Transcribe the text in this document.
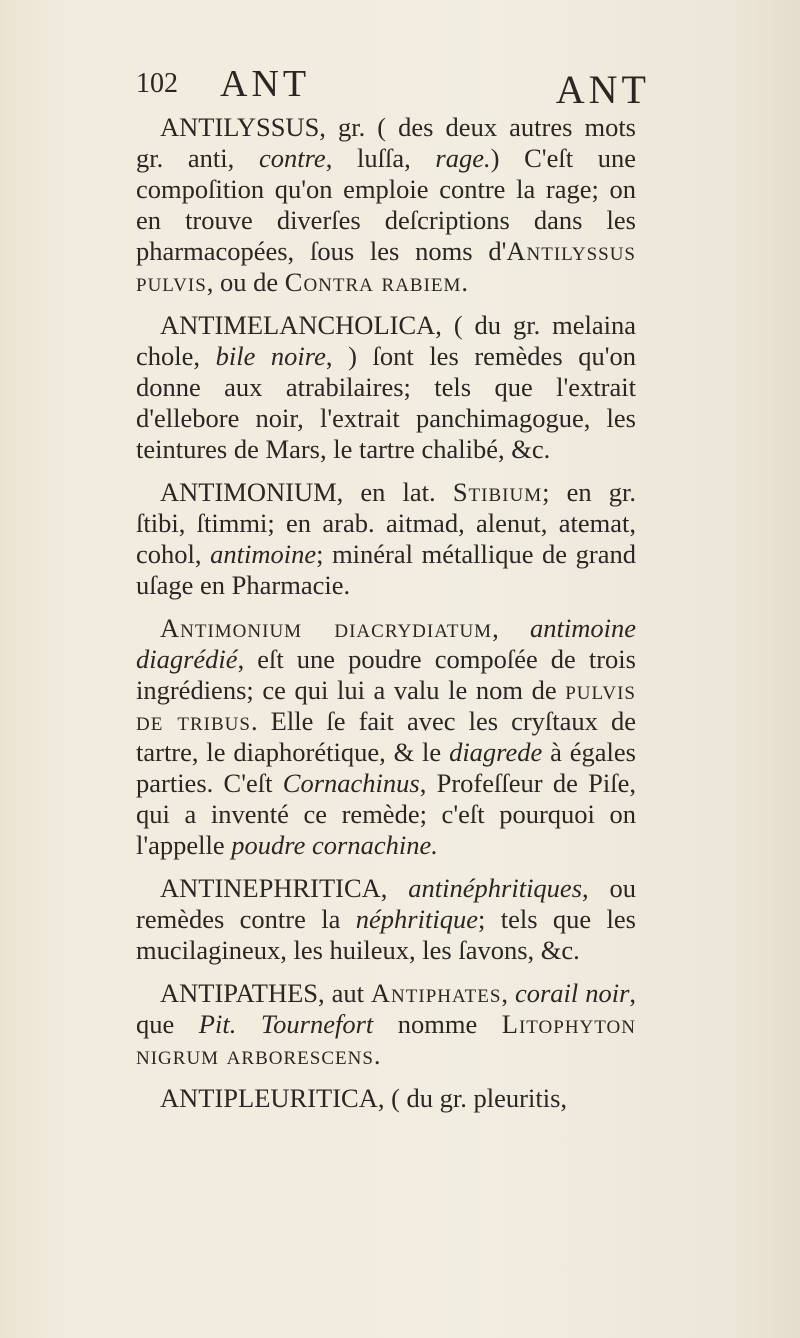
102 ANT	ANT

ANTILYSSUS, gr. ( des deux autres mots gr. anti, contre, luſſa, rage.) C'eſt une compoſition qu'on emploie contre la rage; on en trouve diverſes deſcriptions dans les pharmacopées, ſous les noms d'Antilyssus pulvis, ou de Contra rabiem.

ANTIMELANCHOLICA, ( du gr. melaina chole, bile noire, ) ſont les remèdes qu'on donne aux atrabilaires; tels que l'extrait d'ellebore noir, l'extrait panchimagogue, les teintures de Mars, le tartre chalibé, &c.

ANTIMONIUM, en lat. Stibium; en gr. ſtibi, ſtimmi; en arab. aitmad, alenut, atemat, cohol, antimoine; minéral métallique de grand uſage en Pharmacie.

Antimonium diacrydiatum, antimoine diagrédié, eſt une poudre compoſée de trois ingrédiens; ce qui lui a valu le nom de pulvis de tribus. Elle ſe fait avec les cryſtaux de tartre, le diaphorétique, & le diagrede à égales parties. C'eſt Cornachinus, Profeſſeur de Piſe, qui a inventé ce remède; c'eſt pourquoi on l'appelle poudre cornachine.

ANTINEPHRITICA, antinéphritiques, ou remèdes contre la néphritique; tels que les mucilagineux, les huileux, les ſavons, &c.

ANTIPATHES, aut Antiphates, corail noir, que Pit. Tournefort nomme Litophyton nigrum arborescens.

ANTIPLEURITICA, ( du gr. pleuritis,
